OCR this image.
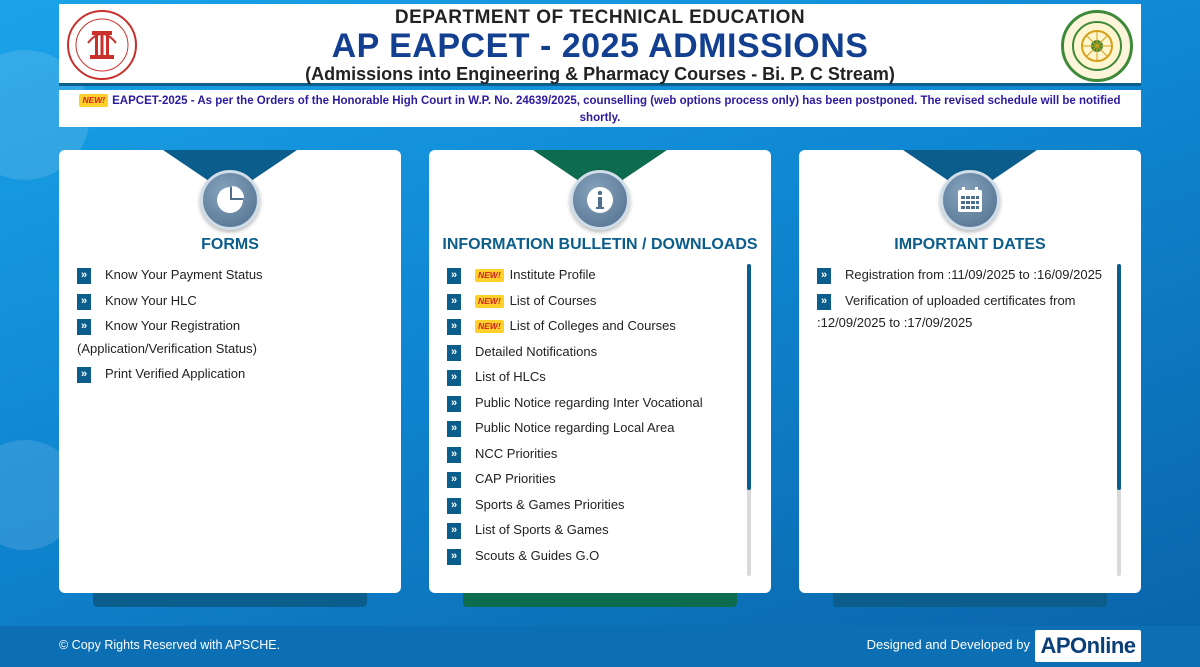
DEPARTMENT OF TECHNICAL EDUCATION
AP EAPCET - 2025 ADMISSIONS
(Admissions into Engineering & Pharmacy Courses - Bi. P. C Stream)
NEW! EAPCET-2025 - As per the Orders of the Honorable High Court in W.P. No. 24639/2025, counselling (web options process only) has been postponed. The revised schedule will be notified shortly.
FORMS
» Know Your Payment Status
» Know Your HLC
» Know Your Registration (Application/Verification Status)
» Print Verified Application
INFORMATION BULLETIN / DOWNLOADS
» NEW! Institute Profile
» NEW! List of Courses
» NEW! List of Colleges and Courses
» Detailed Notifications
» List of HLCs
» Public Notice regarding Inter Vocational
» Public Notice regarding Local Area
» NCC Priorities
» CAP Priorities
» Sports & Games Priorities
» List of Sports & Games
» Scouts & Guides G.O
IMPORTANT DATES
» Registration from :11/09/2025 to :16/09/2025
» Verification of uploaded certificates from :12/09/2025 to :17/09/2025
© Copy Rights Reserved with APSCHE.	Designed and Developed by APOnline
